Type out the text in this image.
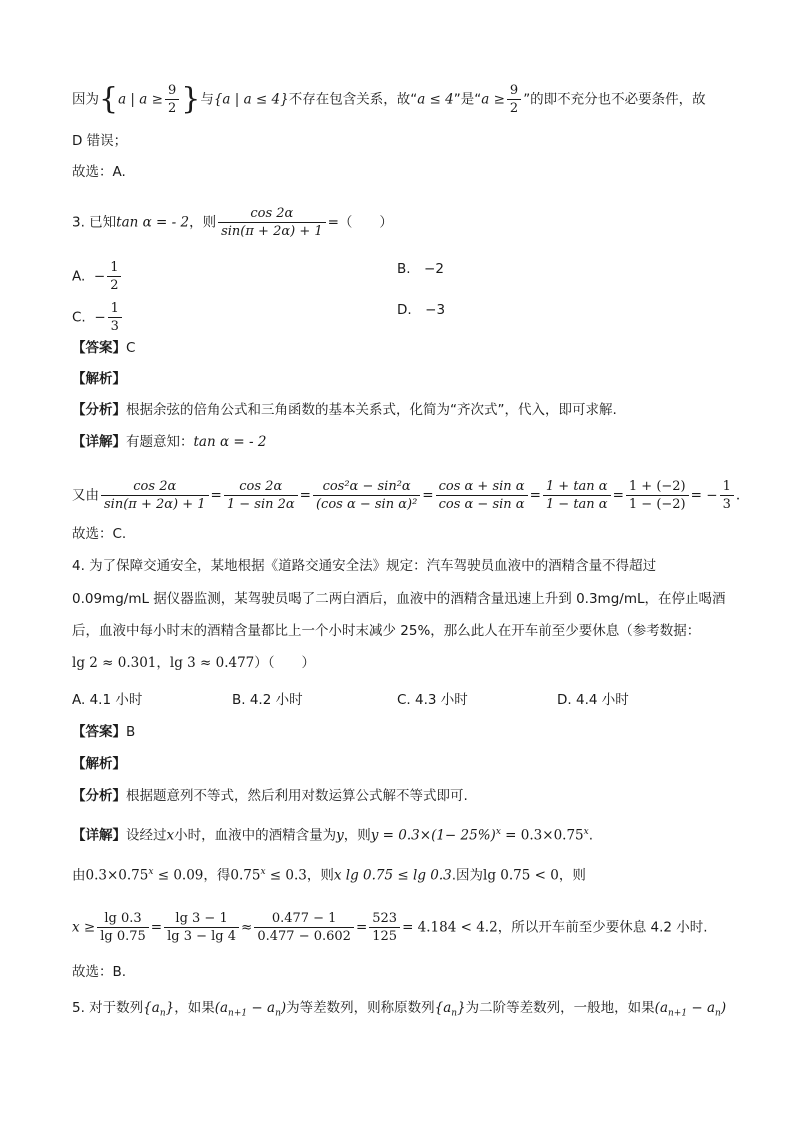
因为{a | $a \ge \frac{9}{2}$ }与{a | a ≤ 4}不存在包含关系，故“a ≤ 4”是“$a \ge \frac{9}{2}$ ”的即不充分也不必要条件，故
D 错误；
故选：A.
3. 已知tan α = - 2，则 $\frac{\cos 2\alpha}{\sin(\pi + 2\alpha) + 1}$ =（　　）
A. − $\frac{1}{2}$	B.　−2
C. − $\frac{1}{3}$	D.　−3
【答案】C
【解析】
【分析】根据余弦的倍角公式和三角函数的基本关系式，化简为“齐次式”，代入，即可求解.
【详解】有题意知：tan α = - 2
又由 $\frac{\cos 2\alpha}{\sin(\pi + 2\alpha) + 1} = \frac{\cos 2\alpha}{1 - \sin 2\alpha} = \frac{\text{cos²α − sin²α}}{\text{(cos α − sin α)²}} = \frac{\text{cos α + sin α}}{\text{cos α − sin α}} = \frac{\text{1 + tan α}}{\text{1 − tan α}} = \frac{1 + (-2)}{1 - (-2)}$ = − $\frac{1}{3}$ .
故选：C.
4. 为了保障交通安全，某地根据《道路交通安全法》规定：汽车驾驶员血液中的酒精含量不得超过
0.09mg/mL 据仪器监测，某驾驶员喝了二两白酒后，血液中的酒精含量迅速上升到 0.3mg/mL，在停止喝酒
后，血液中每小时末的酒精含量都比上一个小时末减少 25%，那么此人在开车前至少要休息（参考数据：
lg 2 ≈ 0.301，lg 3 ≈ 0.477）（　　）
A. 4.1 小时	B. 4.2 小时	C. 4.3 小时	D. 4.4 小时
【答案】B
【解析】
【分析】根据题意列不等式，然后利用对数运算公式解不等式即可.
【详解】设经过x小时，血液中的酒精含量为y，则$y = 0.3\times(1- 25\%)^x = 0.3\times 0.75^x$.
由$0.3\times 0.75^x \le 0.09$，得$0.75^x \le 0.3$，则x lg 0.75 ≤ lg 0.3.因为lg 0.75 < 0，则
$x \ge \frac{\lg 0.3}{\lg 0.75} = \frac{\lg 3 - 1}{\lg 3 - \lg 4} \approx \frac{0.477 - 1}{0.477 - 0.602} = \frac{523}{125} = 4.184 < 4.2$，所以开车前至少要休息 4.2 小时.
故选：B.
5. 对于数列$\{a_n\}$，如果$(a_{n+1} - a_n)$为等差数列，则称原数列$\{a_n\}$为二阶等差数列，一般地，如果$(a_{n+1} - a_n)$
